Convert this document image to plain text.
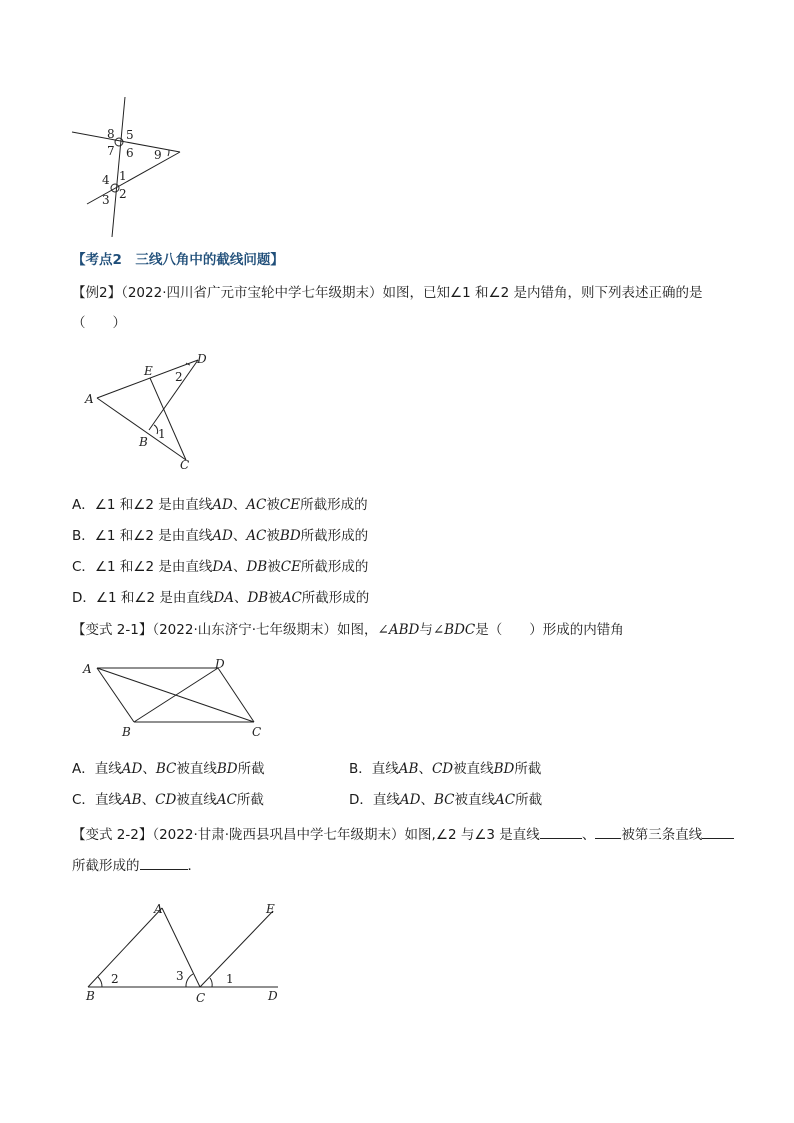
8 5
7 6 9
1
4
2
3
【考点2　三线八角中的截线问题】
【例2】（2022·四川省广元市宝轮中学七年级期末）如图，已知∠1 和∠2 是内错角，则下列表述正确的是
（　　）
A
E
D
2
1
B
C
A．∠1 和∠2 是由直线AD、AC被CE所截形成的
B．∠1 和∠2 是由直线AD、AC被BD所截形成的
C．∠1 和∠2 是由直线DA、DB被CE所截形成的
D．∠1 和∠2 是由直线DA、DB被AC所截形成的
【变式 2-1】（2022·山东济宁·七年级期末）如图，∠ABD与∠BDC是（　　）形成的内错角
A	D
B	C
A．直线AD、BC被直线BD所截	B．直线AB、CD被直线BD所截
C．直线AB、CD被直线AC所截	D．直线AD、BC被直线AC所截
【变式 2-2】（2022·甘肃·陇西县巩昌中学七年级期末）如图,∠2 与∠3 是直线	、 被第三条直线
所截形成的	．
A	E
2	3	1
B	C	D
